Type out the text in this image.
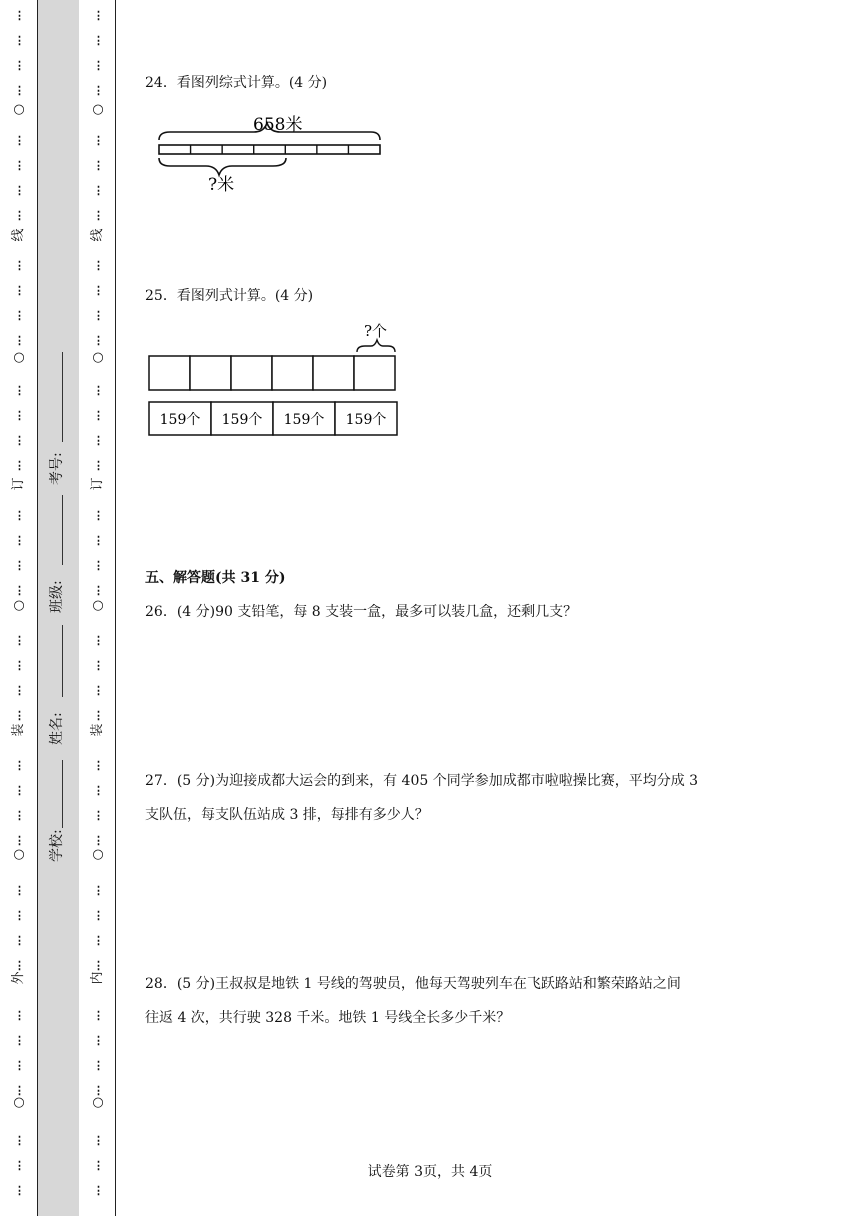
⋮
⋮
⋮
⋮
⋮
⋮
⋮
⋮
⋮
⋮
⋮
⋮
⋮
⋮
⋮
⋮
⋮
⋮
⋮
⋮
⋮
⋮
⋮
⋮
⋮
⋮
⋮
⋮
⋮
⋮
⋮
⋮
⋮
⋮
⋮
⋮
⋮
⋮
⋮
○
○
○
○
○
线
订
装
外
⋮
⋮
⋮
⋮
⋮
⋮
⋮
⋮
⋮
⋮
⋮
⋮
⋮
⋮
⋮
⋮
⋮
⋮
⋮
⋮
⋮
⋮
⋮
⋮
⋮
⋮
⋮
⋮
⋮
⋮
⋮
⋮
⋮
⋮
⋮
⋮
⋮
⋮
⋮
○
○
○
○
○
线
订
装
内
学校:
姓名:
班级:
考号:
24．看图列综式计算。(4 分)
658米
?米
25．看图列式计算。(4 分)
?个
159个 159个 159个 159个
五、解答题(共 31 分)
26．(4 分)90 支铅笔，每 8 支装一盒，最多可以装几盒，还剩几支？
27．(5 分)为迎接成都大运会的到来，有 405 个同学参加成都市啦啦操比赛，平均分成 3
支队伍，每支队伍站成 3 排，每排有多少人？
28．(5 分)王叔叔是地铁 1 号线的驾驶员，他每天驾驶列车在飞跃路站和繁荣路站之间
往返 4 次，共行驶 328 千米。地铁 1 号线全长多少千米？
试卷第 3页，共 4页
